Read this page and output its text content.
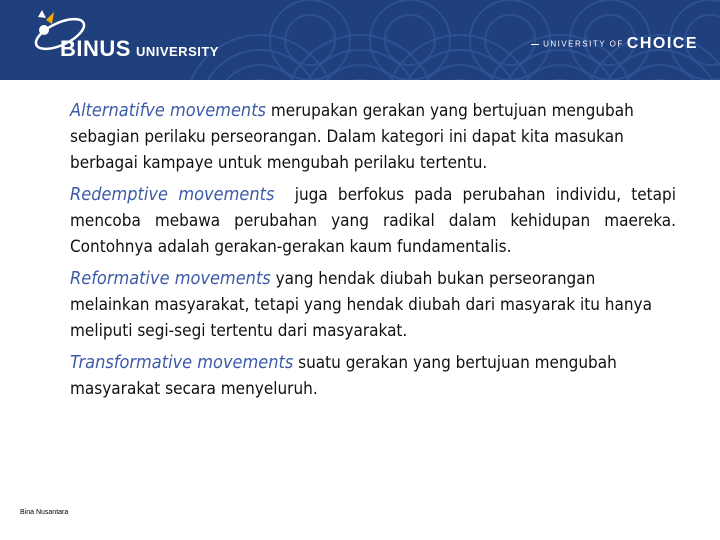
BINUS UNIVERSITY	UNIVERSITY OF CHOICE

Alternatifve movements merupakan gerakan yang bertujuan mengubah sebagian perilaku perseorangan. Dalam kategori ini dapat kita masukan berbagai kampaye untuk mengubah perilaku tertentu.

Redemptive movements  juga berfokus pada perubahan individu, tetapi mencoba mebawa perubahan yang radikal dalam kehidupan maereka. Contohnya adalah gerakan-gerakan kaum fundamentalis.

Reformative movements yang hendak diubah bukan perseorangan melainkan masyarakat, tetapi yang hendak diubah dari masyarak itu hanya meliputi segi-segi tertentu dari masyarakat.

Transformative movements suatu gerakan yang bertujuan mengubah masyarakat secara menyeluruh.

Bina Nusantara
